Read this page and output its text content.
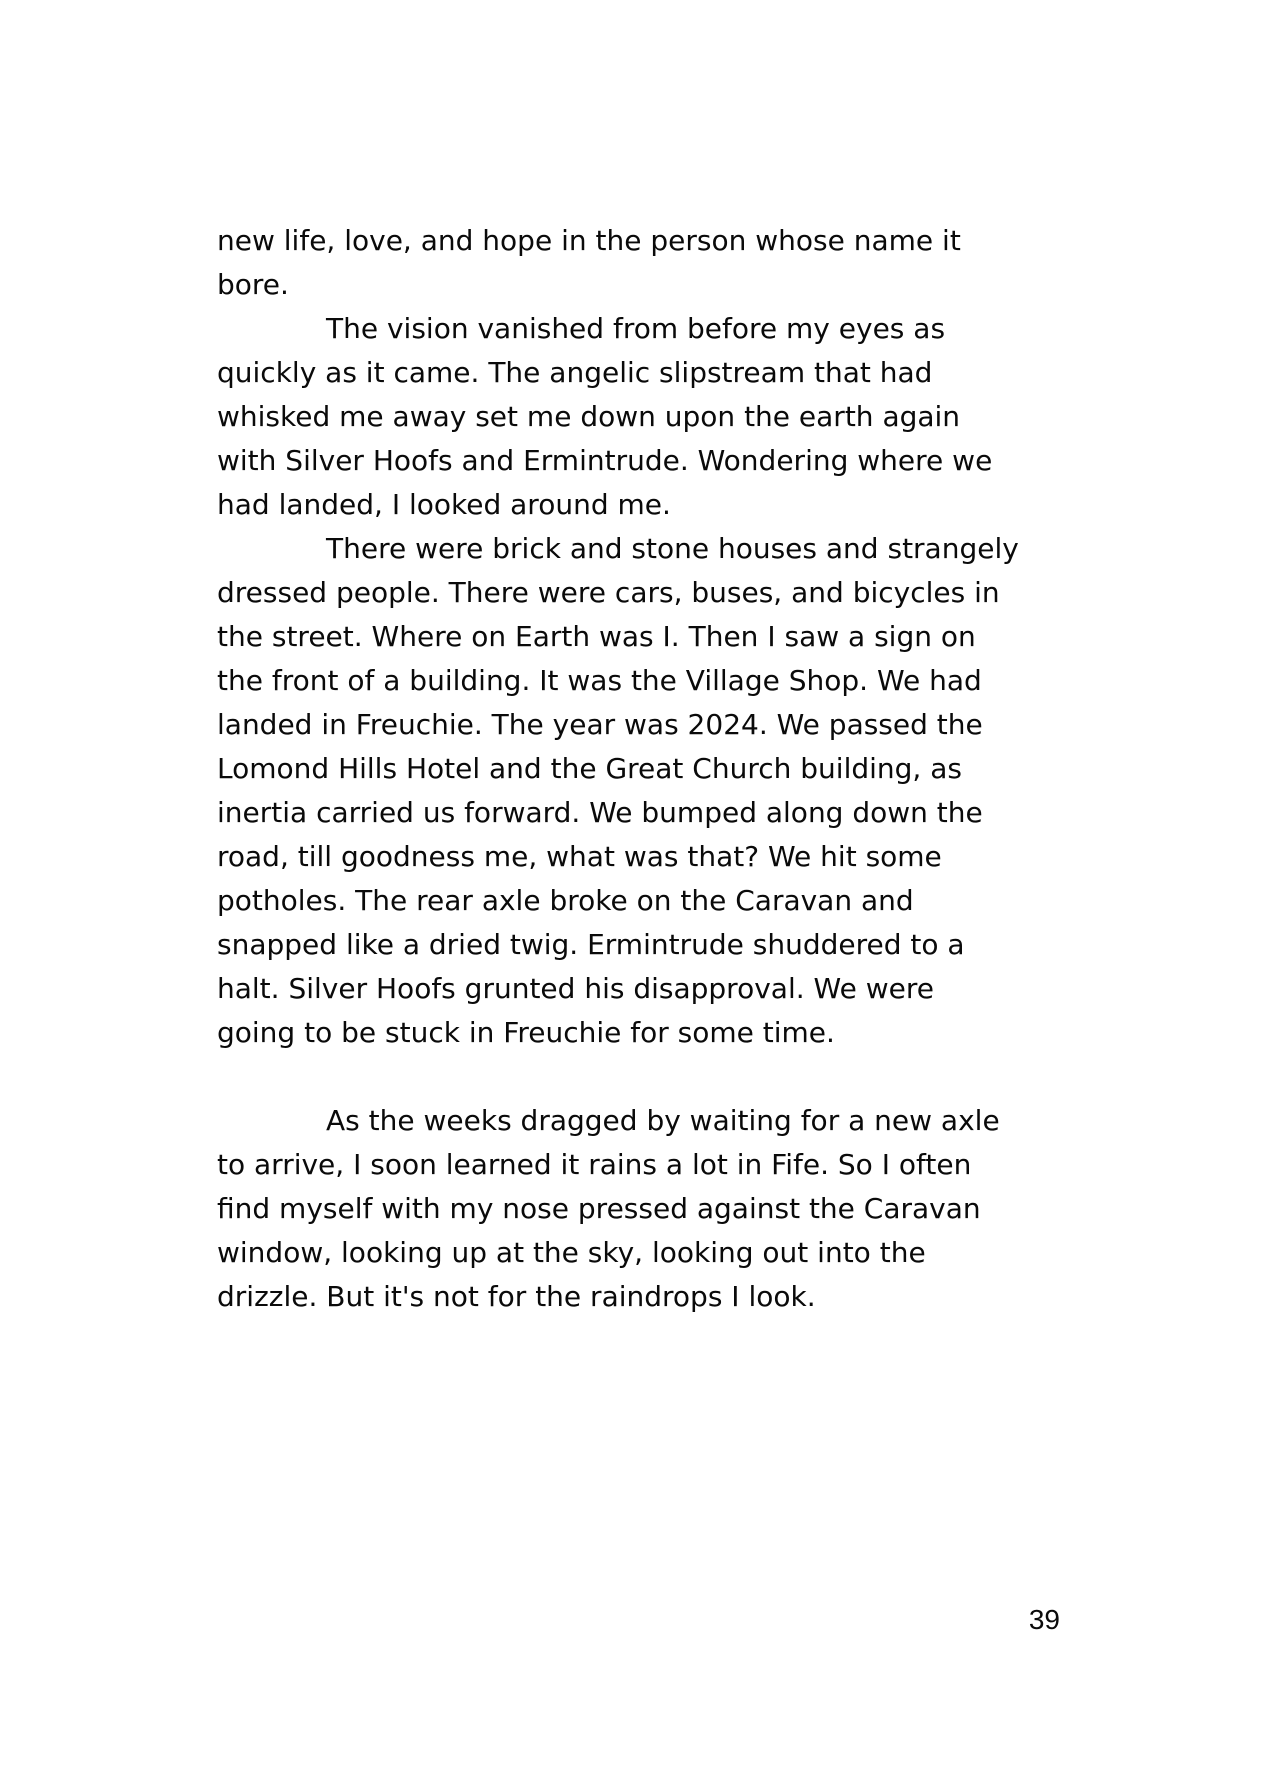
new life, love, and hope in the person whose name it
bore.

The vision vanished from before my eyes as
quickly as it came. The angelic slipstream that had
whisked me away set me down upon the earth again
with Silver Hoofs and Ermintrude. Wondering where we
had landed, I looked around me.

There were brick and stone houses and strangely
dressed people. There were cars, buses, and bicycles in
the street. Where on Earth was I. Then I saw a sign on
the front of a building. It was the Village Shop. We had
landed in Freuchie. The year was 2024. We passed the
Lomond Hills Hotel and the Great Church building, as
inertia carried us forward. We bumped along down the
road, till goodness me, what was that? We hit some
potholes. The rear axle broke on the Caravan and
snapped like a dried twig. Ermintrude shuddered to a
halt. Silver Hoofs grunted his disapproval. We were
going to be stuck in Freuchie for some time.

As the weeks dragged by waiting for a new axle
to arrive, I soon learned it rains a lot in Fife. So I often
find myself with my nose pressed against the Caravan
window, looking up at the sky, looking out into the
drizzle. But it's not for the raindrops I look.

39
